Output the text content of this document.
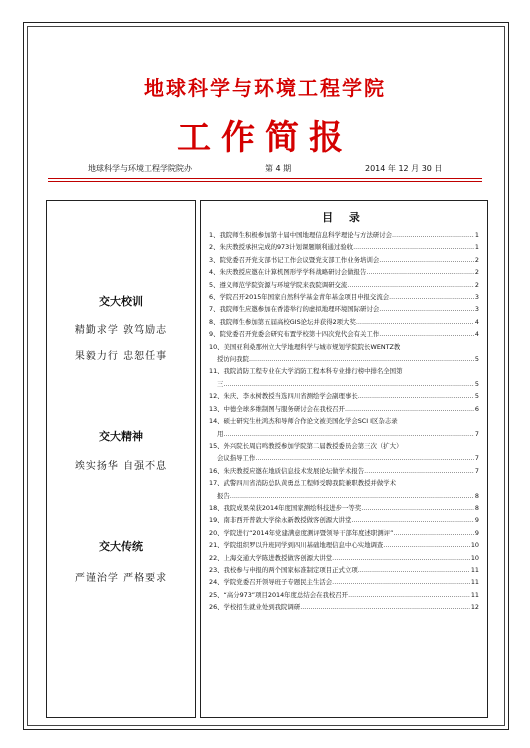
地球科学与环境工程学院
工作简报
地球科学与环境工程学院院办	第 4 期	2014 年 12 月 30 日
交大校训
精勤求学 敦笃励志
果毅力行 忠恕任事
交大精神
竢实扬华 自强不息
交大传统
严谨治学 严格要求
目 录
1、我院师生积极参加第十届中国地理信息科学理论与方法研讨会 .....	1
2、朱庆教授承担完成的973计划课题顺利通过验收 .....	1
3、院党委召开党支部书记工作会议暨党支部工作业务培训会 .....	2
4、朱庆教授应邀在计算机图形学学科战略研讨会做报告 .....	2
5、遵义师范学院资源与环境学院来我院调研交流 .....	2
6、学院召开2015年国家自然科学基金青年基金项目申报交流会 .....	3
7、我院师生应邀参加在香港举行的虚拟地理环境国际研讨会 .....	3
8、我院师生参加第五届高校GIS论坛并获得2项大奖 .....	4
9、院党委召开党委会研究布置学校第十四次党代会有关工作 .....	4
10、美国亚利桑那州立大学地理科学与城市规划学院院长WENTZ教
授访问我院 .....	5
11、我院消防工程专业在大学消防工程本科专业排行榜中排名全国第
三 .....	5
12、朱庆、李永树教授当选四川省测绘学会副理事长 .....	5
13、中德全球多维制图与服务研讨会在我校召开 .....	6
14、硕士研究生杜鸿杰和导师合作论文被美国化学会SCI I区杂志录
用 .....	7
15、外兴院长周启鸣教授参加学院第二届教授委员会第三次（扩大）
会议指导工作 .....	7
16、朱庆教授应邀在地质信息技术发展论坛做学术报告 .....	7
17、武警四川省消防总队黄勇总工程师受聘我院兼职教授并做学术
报告 .....	8
18、我院成果荣获2014年度国家测绘科技进步一等奖 .....	8
19、南非西开普敦大学徐永新教授做客创源大讲堂 .....	9
20、学院进行“2014年党建满意度测评暨领导干部年度述职测评” .....	9
21、学院组织罗以升班同学到四川基础地理信息中心实地调查 .....	10
22、上海交通大学陈进教授做客创源大讲堂 .....	10
23、我校参与申报的两个国家标准制定项目正式立项 .....	11
24、学院党委召开领导班子专题民主生活会 .....	11
25、“高分973”项目2014年度总结会在我校召开 .....	11
26、学校招生就业处到我院调研 .....	12
